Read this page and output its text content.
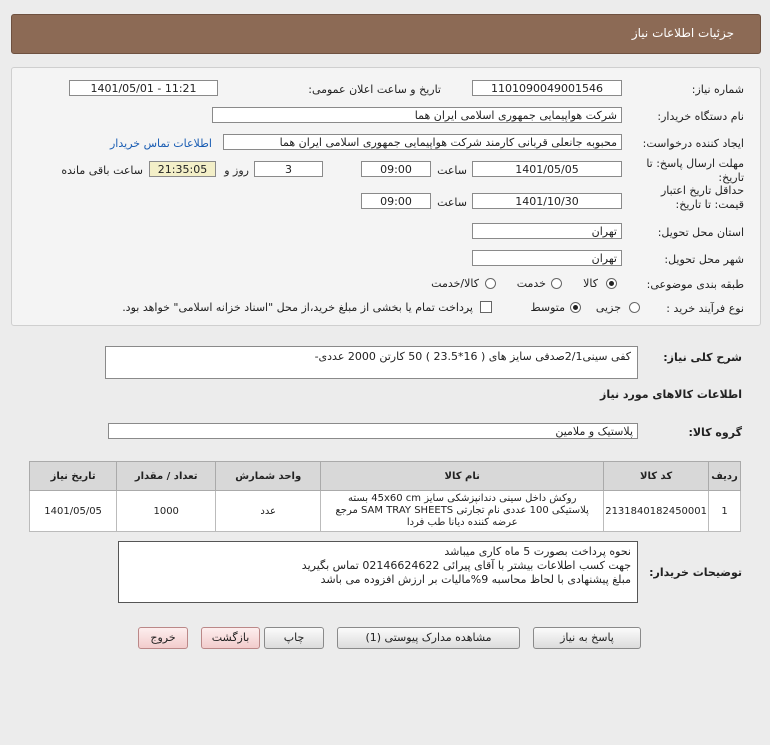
جزئیات اطلاعات نیاز
شماره نیاز:
1101090049001546
تاریخ و ساعت اعلان عمومی:
1401/05/01 - 11:21
نام دستگاه خریدار:
شرکت هواپیمایی جمهوری اسلامی ایران هما
ایجاد کننده درخواست:
محبوبه جانعلی قربانی کارمند شرکت هواپیمایی جمهوری اسلامی ایران هما
اطلاعات تماس خریدار
مهلت ارسال پاسخ: تا تاریخ:
1401/05/05
ساعت
09:00
3
روز و
21:35:05
ساعت باقی مانده
حداقل تاریخ اعتبار قیمت: تا تاریخ:
1401/10/30
ساعت
09:00
استان محل تحویل:
تهران
شهر محل تحویل:
تهران
طبقه بندی موضوعی:
کالا
خدمت
کالا/خدمت
نوع فرآیند خرید :
جزیی
متوسط
پرداخت تمام یا بخشی از مبلغ خرید،از محل "اسناد خزانه اسلامی" خواهد بود.
شرح کلی نیاز:
کفی سینی2/1صدفی سایز های ( 16*23.5 ) 50 کارتن 2000 عددی-
اطلاعات کالاهای مورد نیاز
گروه کالا:
پلاستیک و ملامین
ردیف	کد کالا	نام کالا	واحد شمارش	تعداد / مقدار	تاریخ نیاز
1	2131840182450001	روکش داخل سینی دندانپزشکی سایز 45x60 cm بسته
پلاستیکی 100 عددی نام تجارتی SAM TRAY SHEETS مرجع
عرضه کننده دیانا طب فردا	عدد	1000	1401/05/05
توضیحات خریدار:
نحوه پرداخت بصورت 5 ماه کاری میباشد
جهت کسب اطلاعات بیشتر با آقای پیرائی 02146624622 تماس بگیرید
مبلغ پیشنهادی با لحاظ محاسبه 9%مالیات بر ارزش افزوده می باشد
پاسخ به نیاز
مشاهده مدارک پیوستی (1)
چاپ
بازگشت
خروج
